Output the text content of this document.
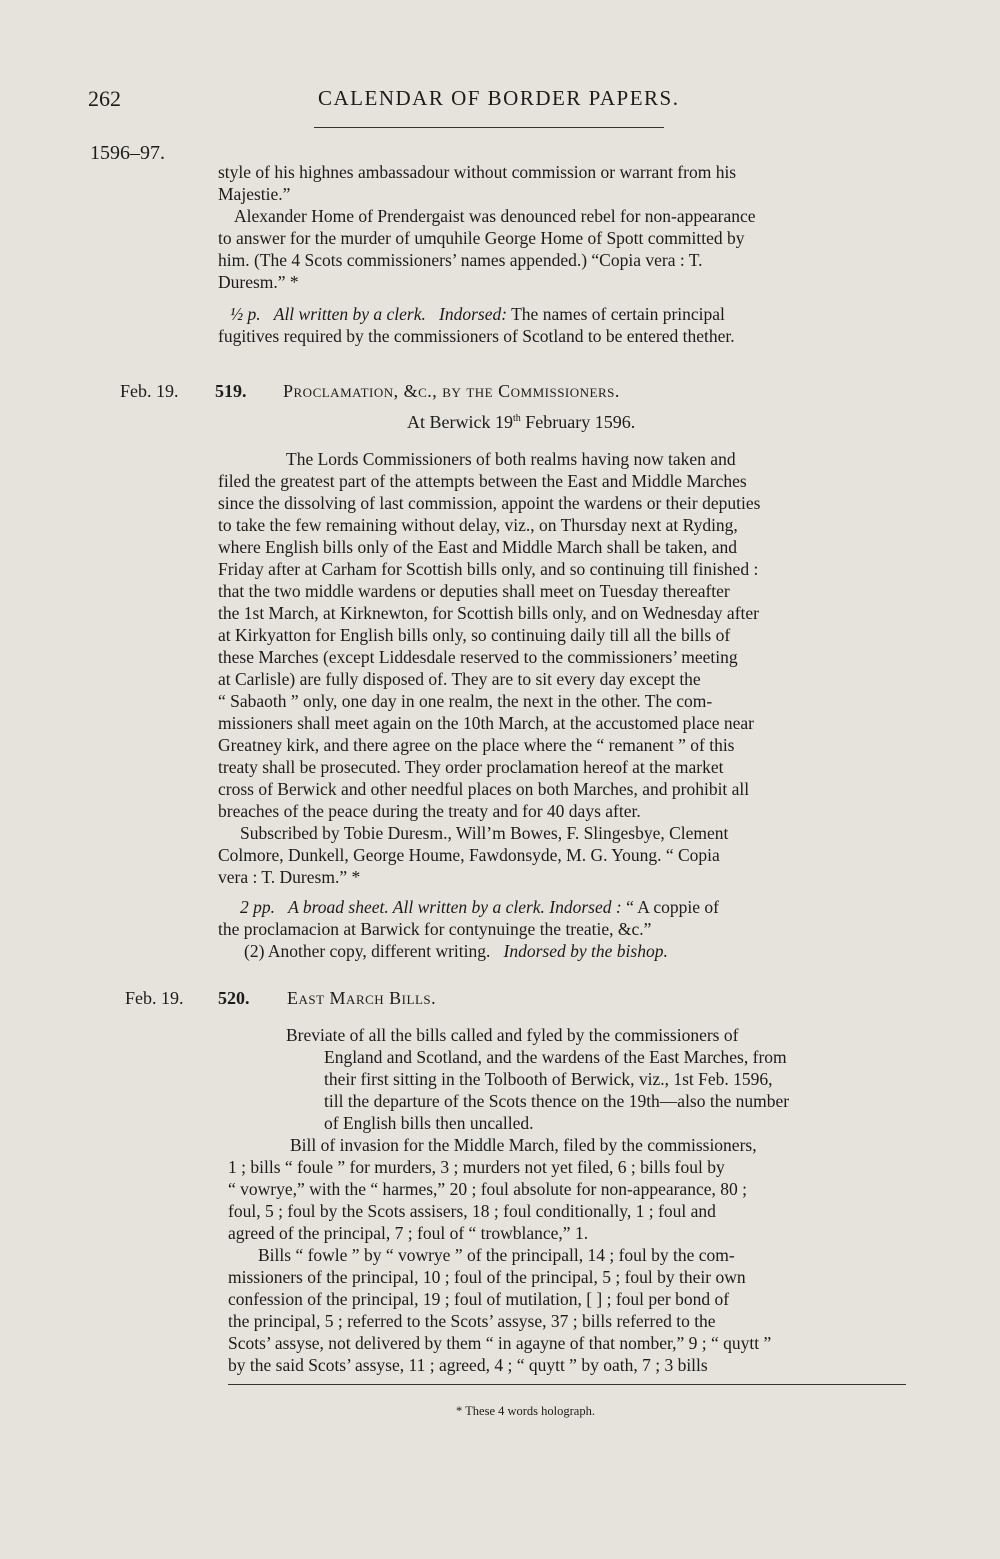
262	CALENDAR OF BORDER PAPERS.
1596–97.
style of his highnes ambassadour without commission or warrant from his
Majestie.”
Alexander Home of Prendergaist was denounced rebel for non-appearance
to answer for the murder of umquhile George Home of Spott committed by
him. (The 4 Scots commissioners’ names appended.) “Copia vera : T.
Duresm.” *
½ p. All written by a clerk. Indorsed: The names of certain principal
fugitives required by the commissioners of Scotland to be entered thether.
Feb. 19. 519. Proclamation, &c., by the Commissioners.
At Berwick 19th February 1596.
The Lords Commissioners of both realms having now taken and
filed the greatest part of the attempts between the East and Middle Marches
since the dissolving of last commission, appoint the wardens or their deputies
to take the few remaining without delay, viz., on Thursday next at Ryding,
where English bills only of the East and Middle March shall be taken, and
Friday after at Carham for Scottish bills only, and so continuing till finished :
that the two middle wardens or deputies shall meet on Tuesday thereafter
the 1st March, at Kirknewton, for Scottish bills only, and on Wednesday after
at Kirkyatton for English bills only, so continuing daily till all the bills of
these Marches (except Liddesdale reserved to the commissioners’ meeting
at Carlisle) are fully disposed of. They are to sit every day except the
“ Sabaoth ” only, one day in one realm, the next in the other. The com-
missioners shall meet again on the 10th March, at the accustomed place near
Greatney kirk, and there agree on the place where the “ remanent ” of this
treaty shall be prosecuted. They order proclamation hereof at the market
cross of Berwick and other needful places on both Marches, and prohibit all
breaches of the peace during the treaty and for 40 days after.
Subscribed by Tobie Duresm., Will’m Bowes, F. Slingesbye, Clement
Colmore, Dunkell, George Houme, Fawdonsyde, M. G. Young. “ Copia
vera : T. Duresm.” *
2 pp. A broad sheet. All written by a clerk. Indorsed : “ A coppie of
the proclamacion at Barwick for contynuinge the treatie, &c.”
(2) Another copy, different writing. Indorsed by the bishop.
Feb. 19. 520. East March Bills.
Breviate of all the bills called and fyled by the commissioners of
England and Scotland, and the wardens of the East Marches, from
their first sitting in the Tolbooth of Berwick, viz., 1st Feb. 1596,
till the departure of the Scots thence on the 19th—also the number
of English bills then uncalled.
Bill of invasion for the Middle March, filed by the commissioners,
1 ; bills “ foule ” for murders, 3 ; murders not yet filed, 6 ; bills foul by
“ vowrye,” with the “ harmes,” 20 ; foul absolute for non-appearance, 80 ;
foul, 5 ; foul by the Scots assisers, 18 ; foul conditionally, 1 ; foul and
agreed of the principal, 7 ; foul of “ trowblance,” 1.
Bills “ fowle ” by “ vowrye ” of the principall, 14 ; foul by the com-
missioners of the principal, 10 ; foul of the principal, 5 ; foul by their own
confession of the principal, 19 ; foul of mutilation, [ ] ; foul per bond of
the principal, 5 ; referred to the Scots’ assyse, 37 ; bills referred to the
Scots’ assyse, not delivered by them “ in agayne of that nomber,” 9 ; “ quytt ”
by the said Scots’ assyse, 11 ; agreed, 4 ; “ quytt ” by oath, 7 ; 3 bills
* These 4 words holograph.
